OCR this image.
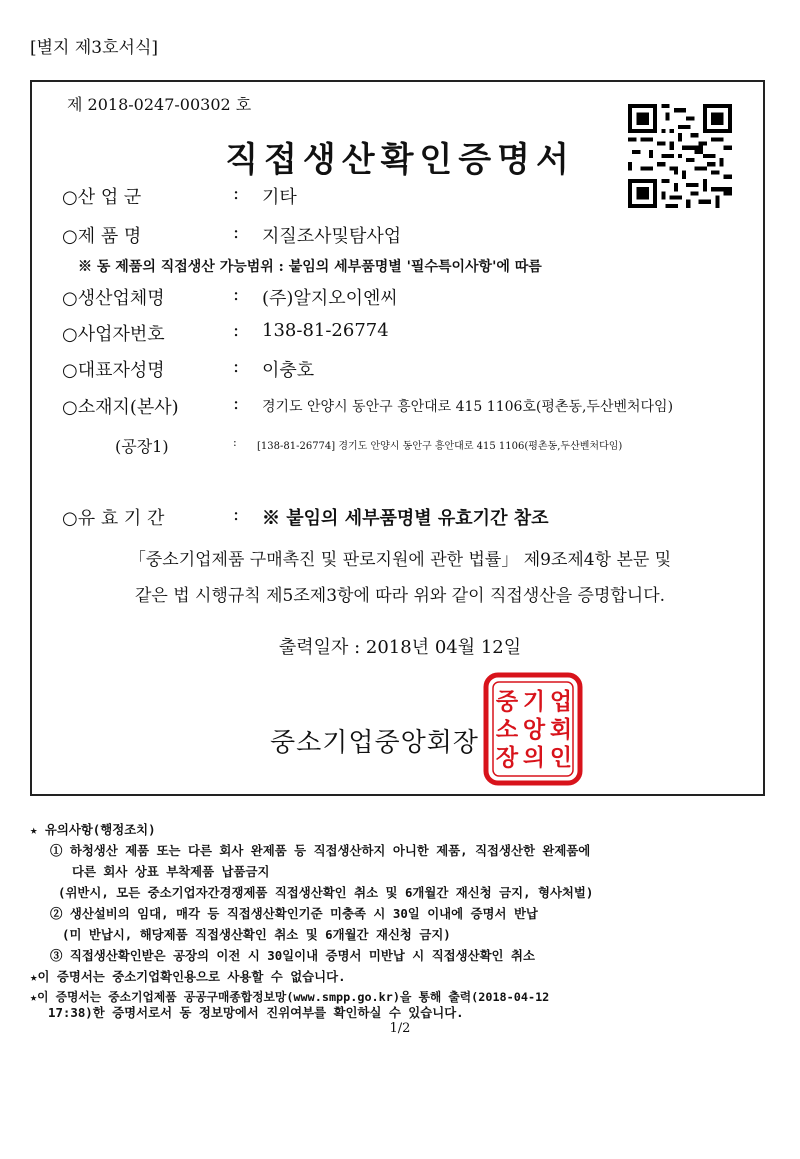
[별지 제3호서식]
제 2018-0247-00302 호
직접생산확인증명서
○산 업 군	: 기타
○제 품 명	: 지질조사및탐사업
※ 동 제품의 직접생산 가능범위 : 붙임의 세부품명별 '필수특이사항'에 따름
○생산업체명	: (주)알지오이엔씨
○사업자번호	: 138-81-26774
○대표자성명	: 이충호
○소재지(본사)	: 경기도 안양시 동안구 흥안대로 415 1106호(평촌동,두산벤처다임)
(공장1)	: [138-81-26774] 경기도 안양시 동안구 흥안대로 415 1106(평촌동,두산벤처다임)
○유 효 기 간	: ※ 붙임의 세부품명별 유효기간 참조
「중소기업제품 구매촉진 및 판로지원에 관한 법률」 제9조제4항 본문 및
같은 법 시행규칙 제5조제3항에 따라 위와 같이 직접생산을 증명합니다.
출력일자 : 2018년 04월 12일
중소기업중앙회장
업
회
인
기
앙
의
중
소
장
★ 유의사항(행정조치)
① 하청생산 제품 또는 다른 회사 완제품 등 직접생산하지 아니한 제품, 직접생산한 완제품에
다른 회사 상표 부착제품 납품금지
(위반시, 모든 중소기업자간경쟁제품 직접생산확인 취소 및 6개월간 재신청 금지, 형사처벌)
② 생산설비의 임대, 매각 등 직접생산확인기준 미충족 시 30일 이내에 증명서 반납
(미 반납시, 해당제품 직접생산확인 취소 및 6개월간 재신청 금지)
③ 직접생산확인받은 공장의 이전 시 30일이내 증명서 미반납 시 직접생산확인 취소
★이 증명서는 중소기업확인용으로 사용할 수 없습니다.
★이 증명서는 중소기업제품 공공구매종합정보망(www.smpp.go.kr)을 통해 출력(2018-04-12
17:38)한 증명서로서 동 정보망에서 진위여부를 확인하실 수 있습니다.
1/2
